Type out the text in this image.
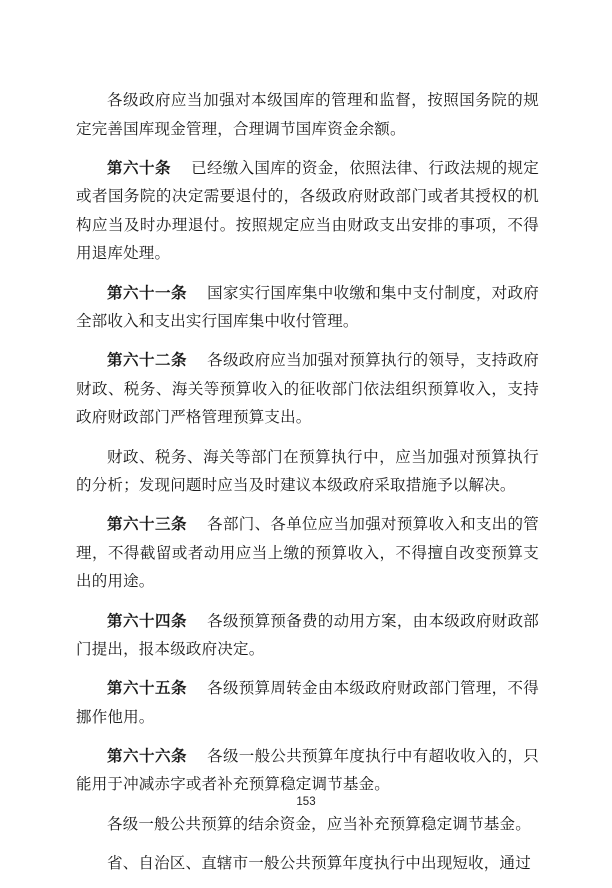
各级政府应当加强对本级国库的管理和监督，按照国务院的规定完善国库现金管理，合理调节国库资金余额。

第六十条 已经缴入国库的资金，依照法律、行政法规的规定或者国务院的决定需要退付的，各级政府财政部门或者其授权的机构应当及时办理退付。按照规定应当由财政支出安排的事项，不得用退库处理。

第六十一条 国家实行国库集中收缴和集中支付制度，对政府全部收入和支出实行国库集中收付管理。

第六十二条 各级政府应当加强对预算执行的领导，支持政府财政、税务、海关等预算收入的征收部门依法组织预算收入，支持政府财政部门严格管理预算支出。

财政、税务、海关等部门在预算执行中，应当加强对预算执行的分析；发现问题时应当及时建议本级政府采取措施予以解决。

第六十三条 各部门、各单位应当加强对预算收入和支出的管理，不得截留或者动用应当上缴的预算收入，不得擅自改变预算支出的用途。

第六十四条 各级预算预备费的动用方案，由本级政府财政部门提出，报本级政府决定。

第六十五条 各级预算周转金由本级政府财政部门管理，不得挪作他用。

第六十六条 各级一般公共预算年度执行中有超收收入的，只能用于冲减赤字或者补充预算稳定调节基金。

各级一般公共预算的结余资金，应当补充预算稳定调节基金。

省、自治区、直辖市一般公共预算年度执行中出现短收，通过

153
